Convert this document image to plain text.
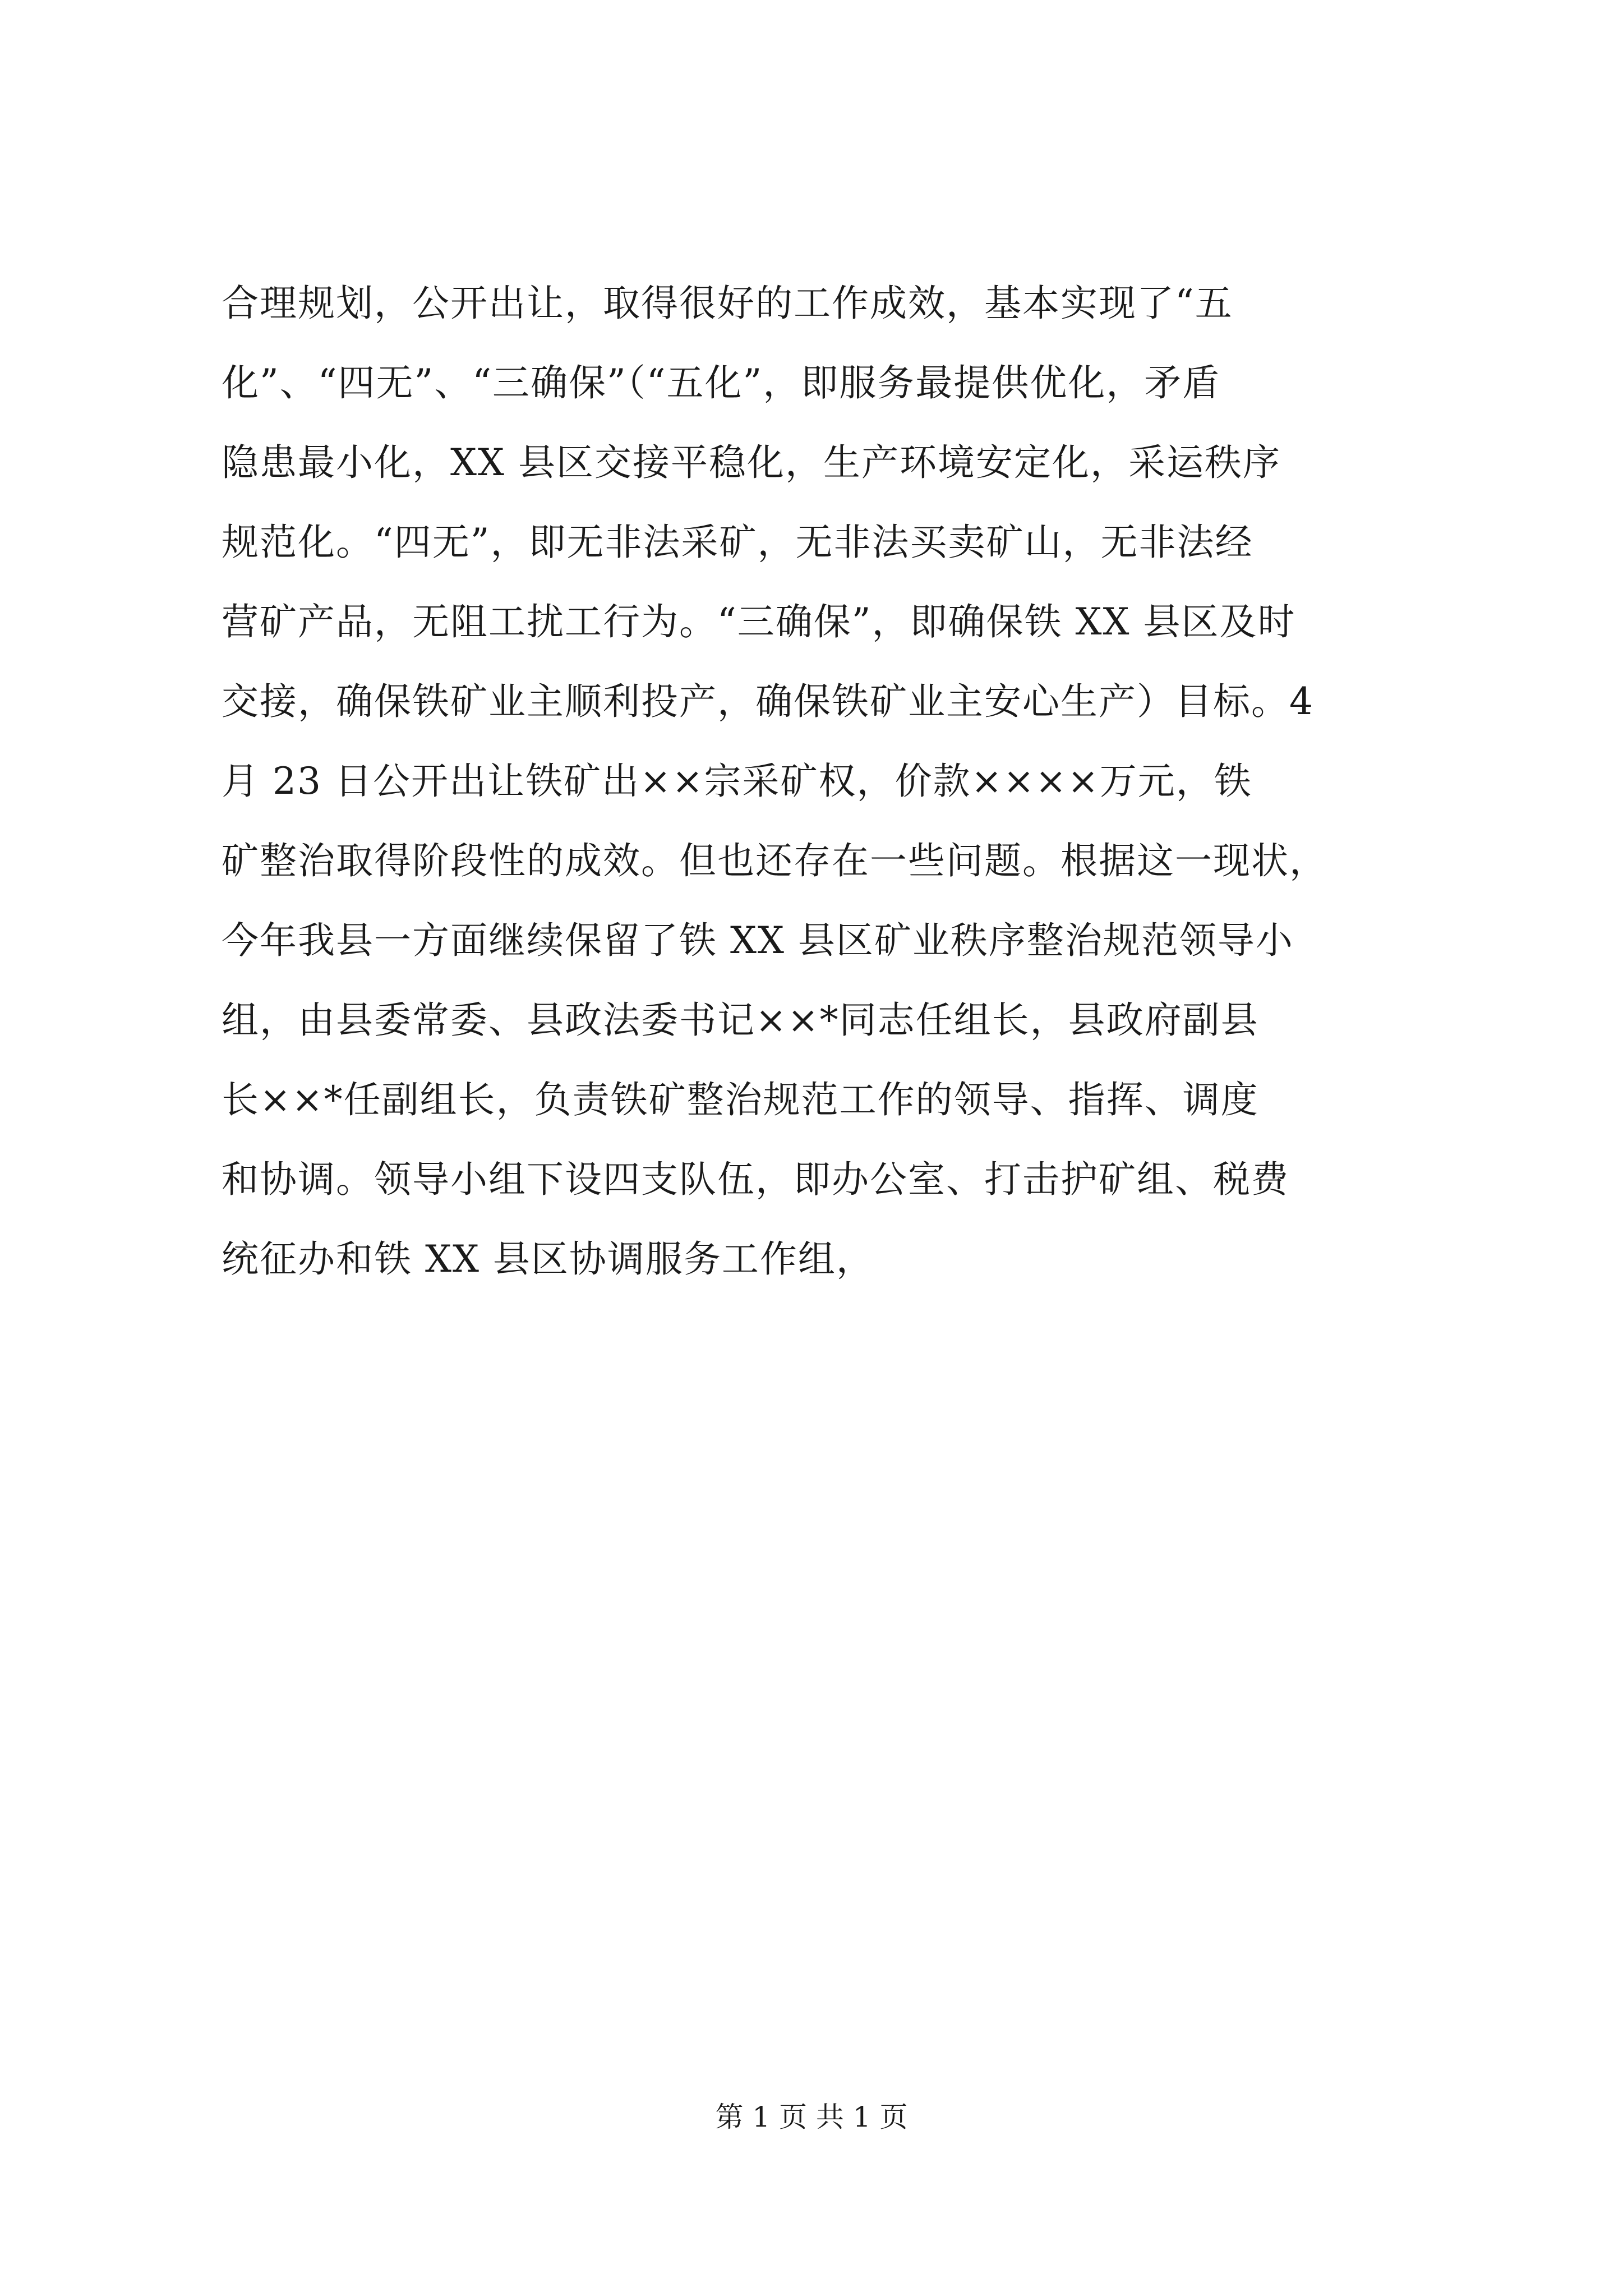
合理规划，公开出让，取得很好的工作成效，基本实现了“五
化”、“四无”、“三确保”（“五化”，即服务最提供优化，矛盾
隐患最小化，XX 县区交接平稳化，生产环境安定化，采运秩序
规范化。“四无”，即无非法采矿，无非法买卖矿山，无非法经
营矿产品，无阻工扰工行为。“三确保”，即确保铁 XX 县区及时
交接，确保铁矿业主顺利投产，确保铁矿业主安心生产）目标。4
月 23 日公开出让铁矿出××宗采矿权，价款××××万元，铁
矿整治取得阶段性的成效。但也还存在一些问题。根据这一现状，
今年我县一方面继续保留了铁 XX 县区矿业秩序整治规范领导小
组，由县委常委、县政法委书记××*同志任组长，县政府副县
长××*任副组长，负责铁矿整治规范工作的领导、指挥、调度
和协调。领导小组下设四支队伍，即办公室、打击护矿组、税费
统征办和铁 XX 县区协调服务工作组，
第 1 页 共 1 页
